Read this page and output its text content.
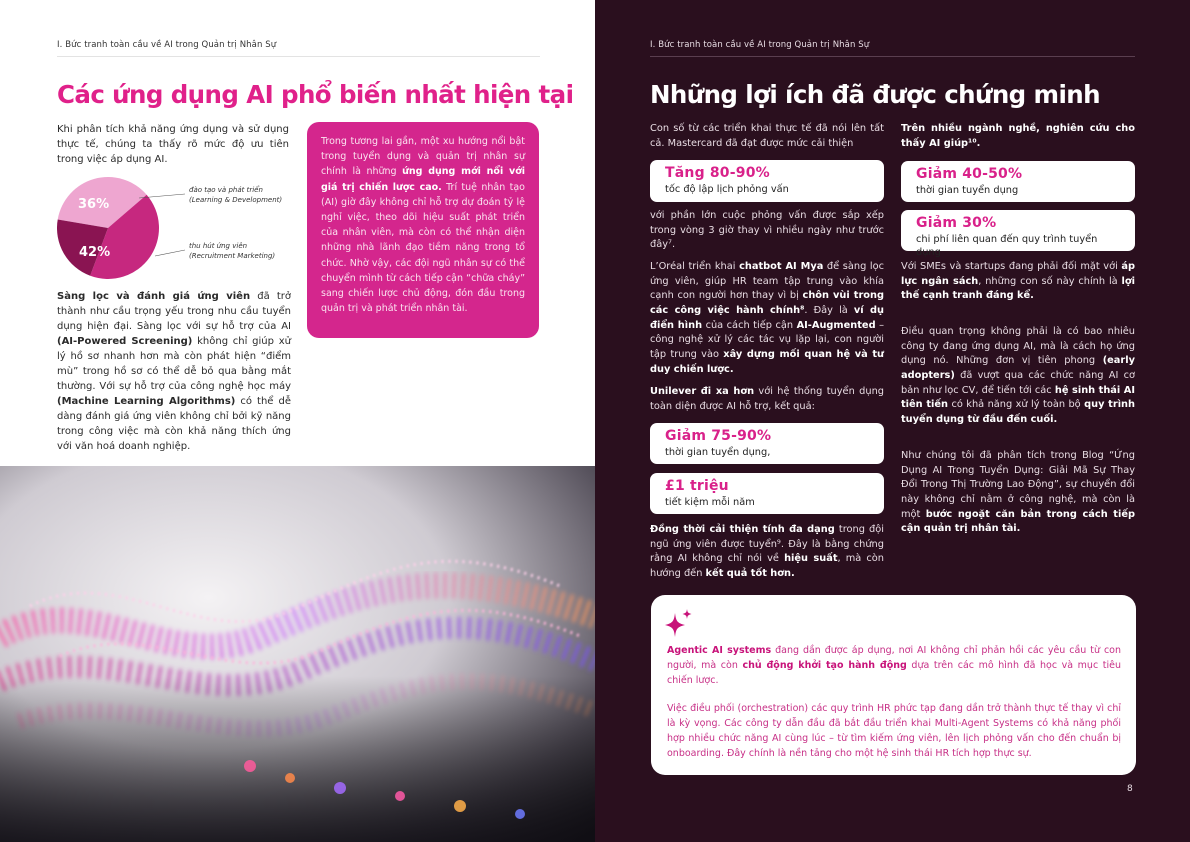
I. Bức tranh toàn cầu về AI trong Quản trị Nhân Sự
Các ứng dụng AI phổ biến nhất hiện tại

Khi phân tích khả năng ứng dụng và sử dụng thực tế, chúng ta thấy rõ mức độ ưu tiên trong việc áp dụng AI.

36%
42%
đào tạo và phát triển
(Learning & Development)
thu hút ứng viên
(Recruitment Marketing)

Sàng lọc và đánh giá ứng viên đã trở thành như cầu trọng yếu trong nhu cầu tuyển dụng hiện đại. Sàng lọc với sự hỗ trợ của AI (AI-Powered Screening) không chỉ giúp xử lý hồ sơ nhanh hơn mà còn phát hiện “điểm mù” trong hồ sơ có thể dễ bỏ qua bằng mắt thường. Với sự hỗ trợ của công nghệ học máy (Machine Learning Algorithms) có thể dễ dàng đánh giá ứng viên không chỉ bởi kỹ năng trong công việc mà còn khả năng thích ứng với văn hoá doanh nghiệp.

Trong tương lai gần, một xu hướng nổi bật trong tuyển dụng và quản trị nhân sự chính là những ứng dụng mới nổi với giá trị chiến lược cao. Trí tuệ nhân tạo (AI) giờ đây không chỉ hỗ trợ dự đoán tỷ lệ nghỉ việc, theo dõi hiệu suất phát triển của nhân viên, mà còn có thể nhận diện những nhà lãnh đạo tiềm năng trong tổ chức. Nhờ vậy, các đội ngũ nhân sự có thể chuyển mình từ cách tiếp cận “chữa cháy” sang chiến lược chủ động, đón đầu trong quản trị và phát triển nhân tài.
I. Bức tranh toàn cầu về AI trong Quản trị Nhân Sự
Những lợi ích đã được chứng minh

Con số từ các triển khai thực tế đã nói lên tất cả. Mastercard đã đạt được mức cải thiện

Tăng 80-90%
tốc độ lập lịch phỏng vấn

với phần lớn cuộc phỏng vấn được sắp xếp trong vòng 3 giờ thay vì nhiều ngày như trước đây⁷.

L’Oréal triển khai chatbot AI Mya để sàng lọc ứng viên, giúp HR team tập trung vào khía cạnh con người hơn thay vì bị chôn vùi trong các công việc hành chính⁸. Đây là ví dụ điển hình của cách tiếp cận AI-Augmented – công nghệ xử lý các tác vụ lặp lại, con người tập trung vào xây dựng mối quan hệ và tư duy chiến lược.

Unilever đi xa hơn với hệ thống tuyển dụng toàn diện được AI hỗ trợ, kết quả:

Giảm 75-90%
thời gian tuyển dụng,
£1 triệu
tiết kiệm mỗi năm

Đồng thời cải thiện tính đa dạng trong đội ngũ ứng viên được tuyển⁹. Đây là bằng chứng rằng AI không chỉ nói về hiệu suất, mà còn hướng đến kết quả tốt hơn.

Trên nhiều ngành nghề, nghiên cứu cho thấy AI giúp¹⁰.

Giảm 40-50%
thời gian tuyển dụng
Giảm 30%
chi phí liên quan đến quy trình tuyển dụng

Với SMEs và startups đang phải đối mặt với áp lực ngân sách, những con số này chính là lợi thế cạnh tranh đáng kể.

Điều quan trọng không phải là có bao nhiêu công ty đang ứng dụng AI, mà là cách họ ứng dụng nó. Những đơn vị tiên phong (early adopters) đã vượt qua các chức năng AI cơ bản như lọc CV, để tiến tới các hệ sinh thái AI tiên tiến có khả năng xử lý toàn bộ quy trình tuyển dụng từ đầu đến cuối.

Như chúng tôi đã phân tích trong Blog “Ứng Dụng AI Trong Tuyển Dụng: Giải Mã Sự Thay Đổi Trong Thị Trường Lao Động”, sự chuyển đổi này không chỉ nằm ở công nghệ, mà còn là một bước ngoặt căn bản trong cách tiếp cận quản trị nhân tài.

Agentic AI systems đang dần được áp dụng, nơi AI không chỉ phản hồi các yêu cầu từ con người, mà còn chủ động khởi tạo hành động dựa trên các mô hình đã học và mục tiêu chiến lược.

Việc điều phối (orchestration) các quy trình HR phức tạp đang dần trở thành thực tế thay vì chỉ là kỳ vọng. Các công ty dẫn đầu đã bắt đầu triển khai Multi-Agent Systems có khả năng phối hợp nhiều chức năng AI cùng lúc – từ tìm kiếm ứng viên, lên lịch phỏng vấn cho đến chuẩn bị onboarding. Đây chính là nền tảng cho một hệ sinh thái HR tích hợp thực sự.

8
